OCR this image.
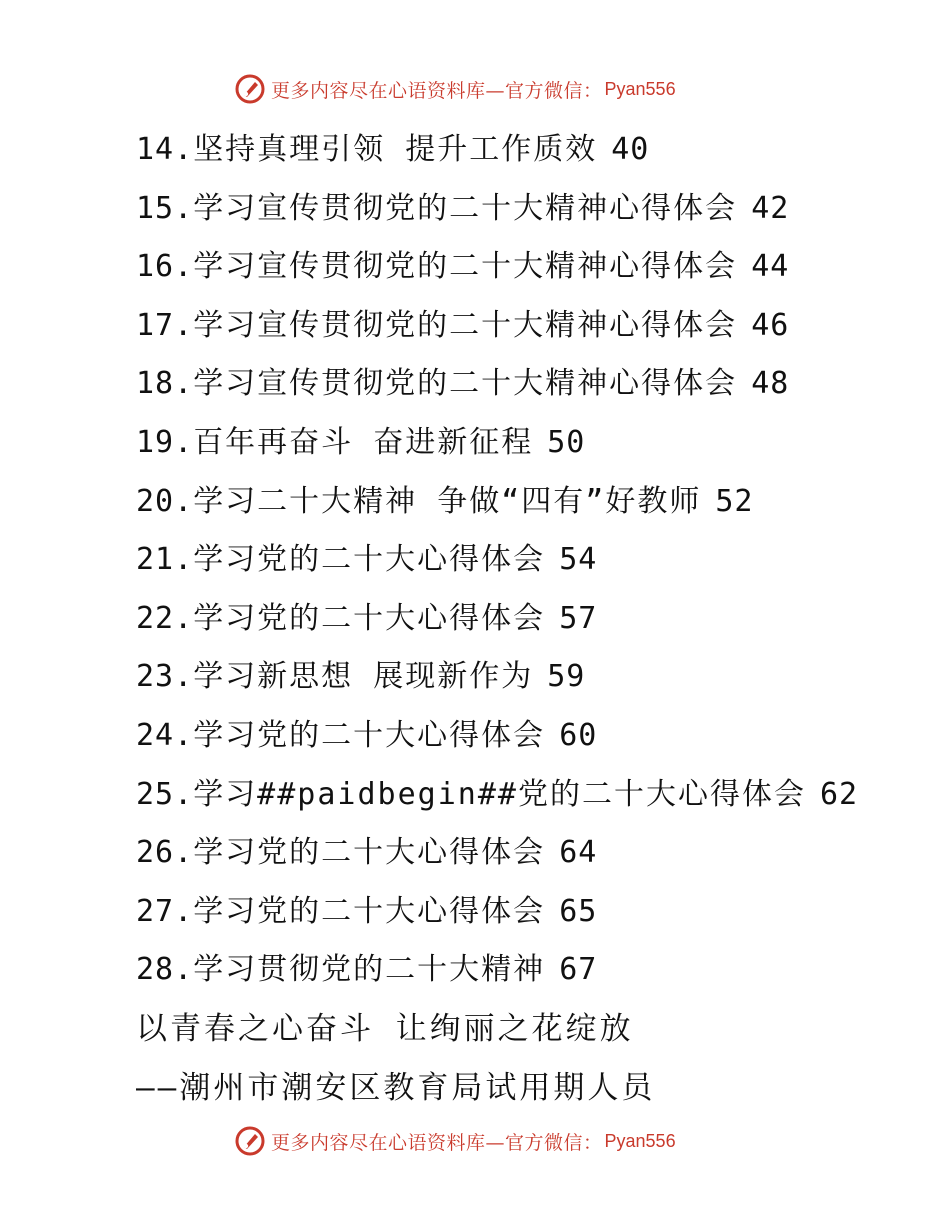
更多内容尽在心语资料库—官方微信： Pyan556
14.坚持真理引领 提升工作质效 40
15.学习宣传贯彻党的二十大精神心得体会 42
16.学习宣传贯彻党的二十大精神心得体会 44
17.学习宣传贯彻党的二十大精神心得体会 46
18.学习宣传贯彻党的二十大精神心得体会 48
19.百年再奋斗 奋进新征程 50
20.学习二十大精神 争做“四有”好教师 52
21.学习党的二十大心得体会 54
22.学习党的二十大心得体会 57
23.学习新思想 展现新作为 59
24.学习党的二十大心得体会 60
25.学习##paidbegin##党的二十大心得体会 62
26.学习党的二十大心得体会 64
27.学习党的二十大心得体会 65
28.学习贯彻党的二十大精神 67
以青春之心奋斗 让绚丽之花绽放
——潮州市潮安区教育局试用期人员
更多内容尽在心语资料库—官方微信： Pyan556
